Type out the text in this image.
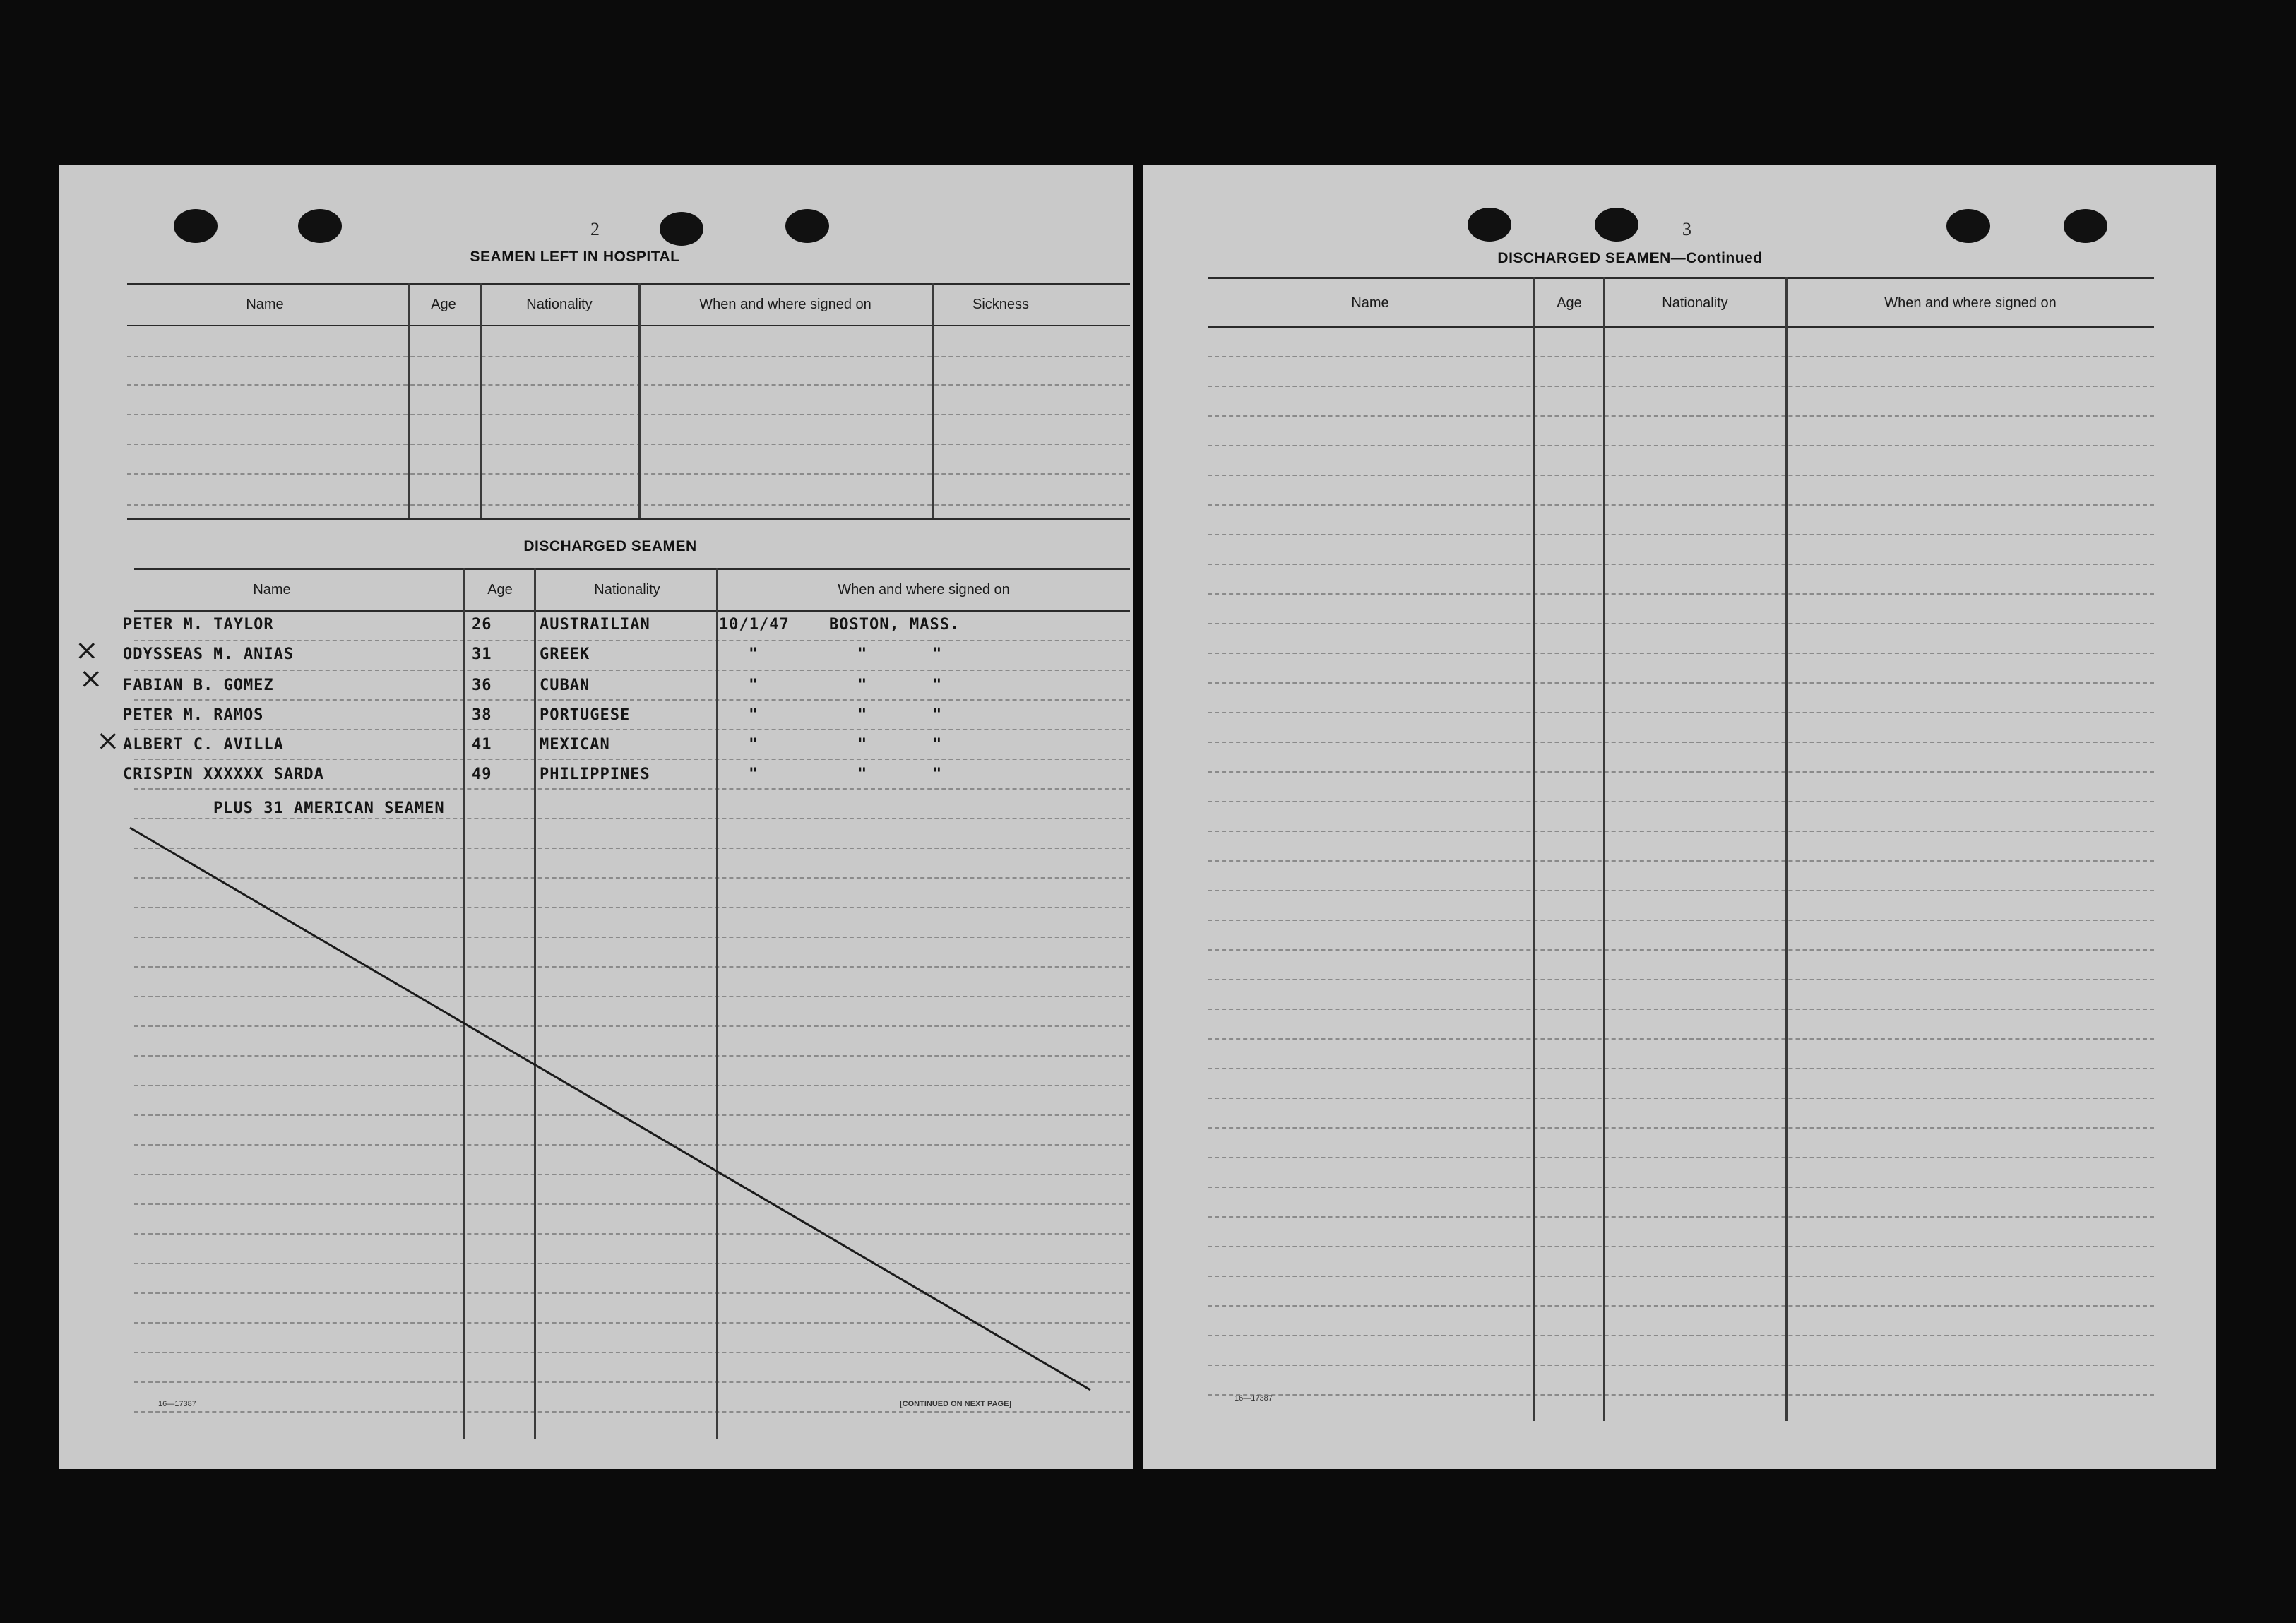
2
SEAMEN LEFT IN HOSPITAL
Name	Age	Nationality	When and where signed on	Sickness
DISCHARGED SEAMEN
Name	Age	Nationality	When and where signed on
PETER M. TAYLOR	26	AUSTRAILIAN	10/1/47	BOSTON, MASS.
ODYSSEAS M. ANIAS	31	GREEK	"	"	"
FABIAN B. GOMEZ	36	CUBAN	"	"	"
PETER M. RAMOS	38	PORTUGESE	"	"	"
ALBERT C. AVILLA	41	MEXICAN	"	"	"
CRISPIN XXXXXX SARDA	49	PHILIPPINES	"	"	"
PLUS 31 AMERICAN SEAMEN
×
×
×
16—17387	[CONTINUED ON NEXT PAGE]
3
DISCHARGED SEAMEN—Continued
Name	Age	Nationality	When and where signed on
16—17387
